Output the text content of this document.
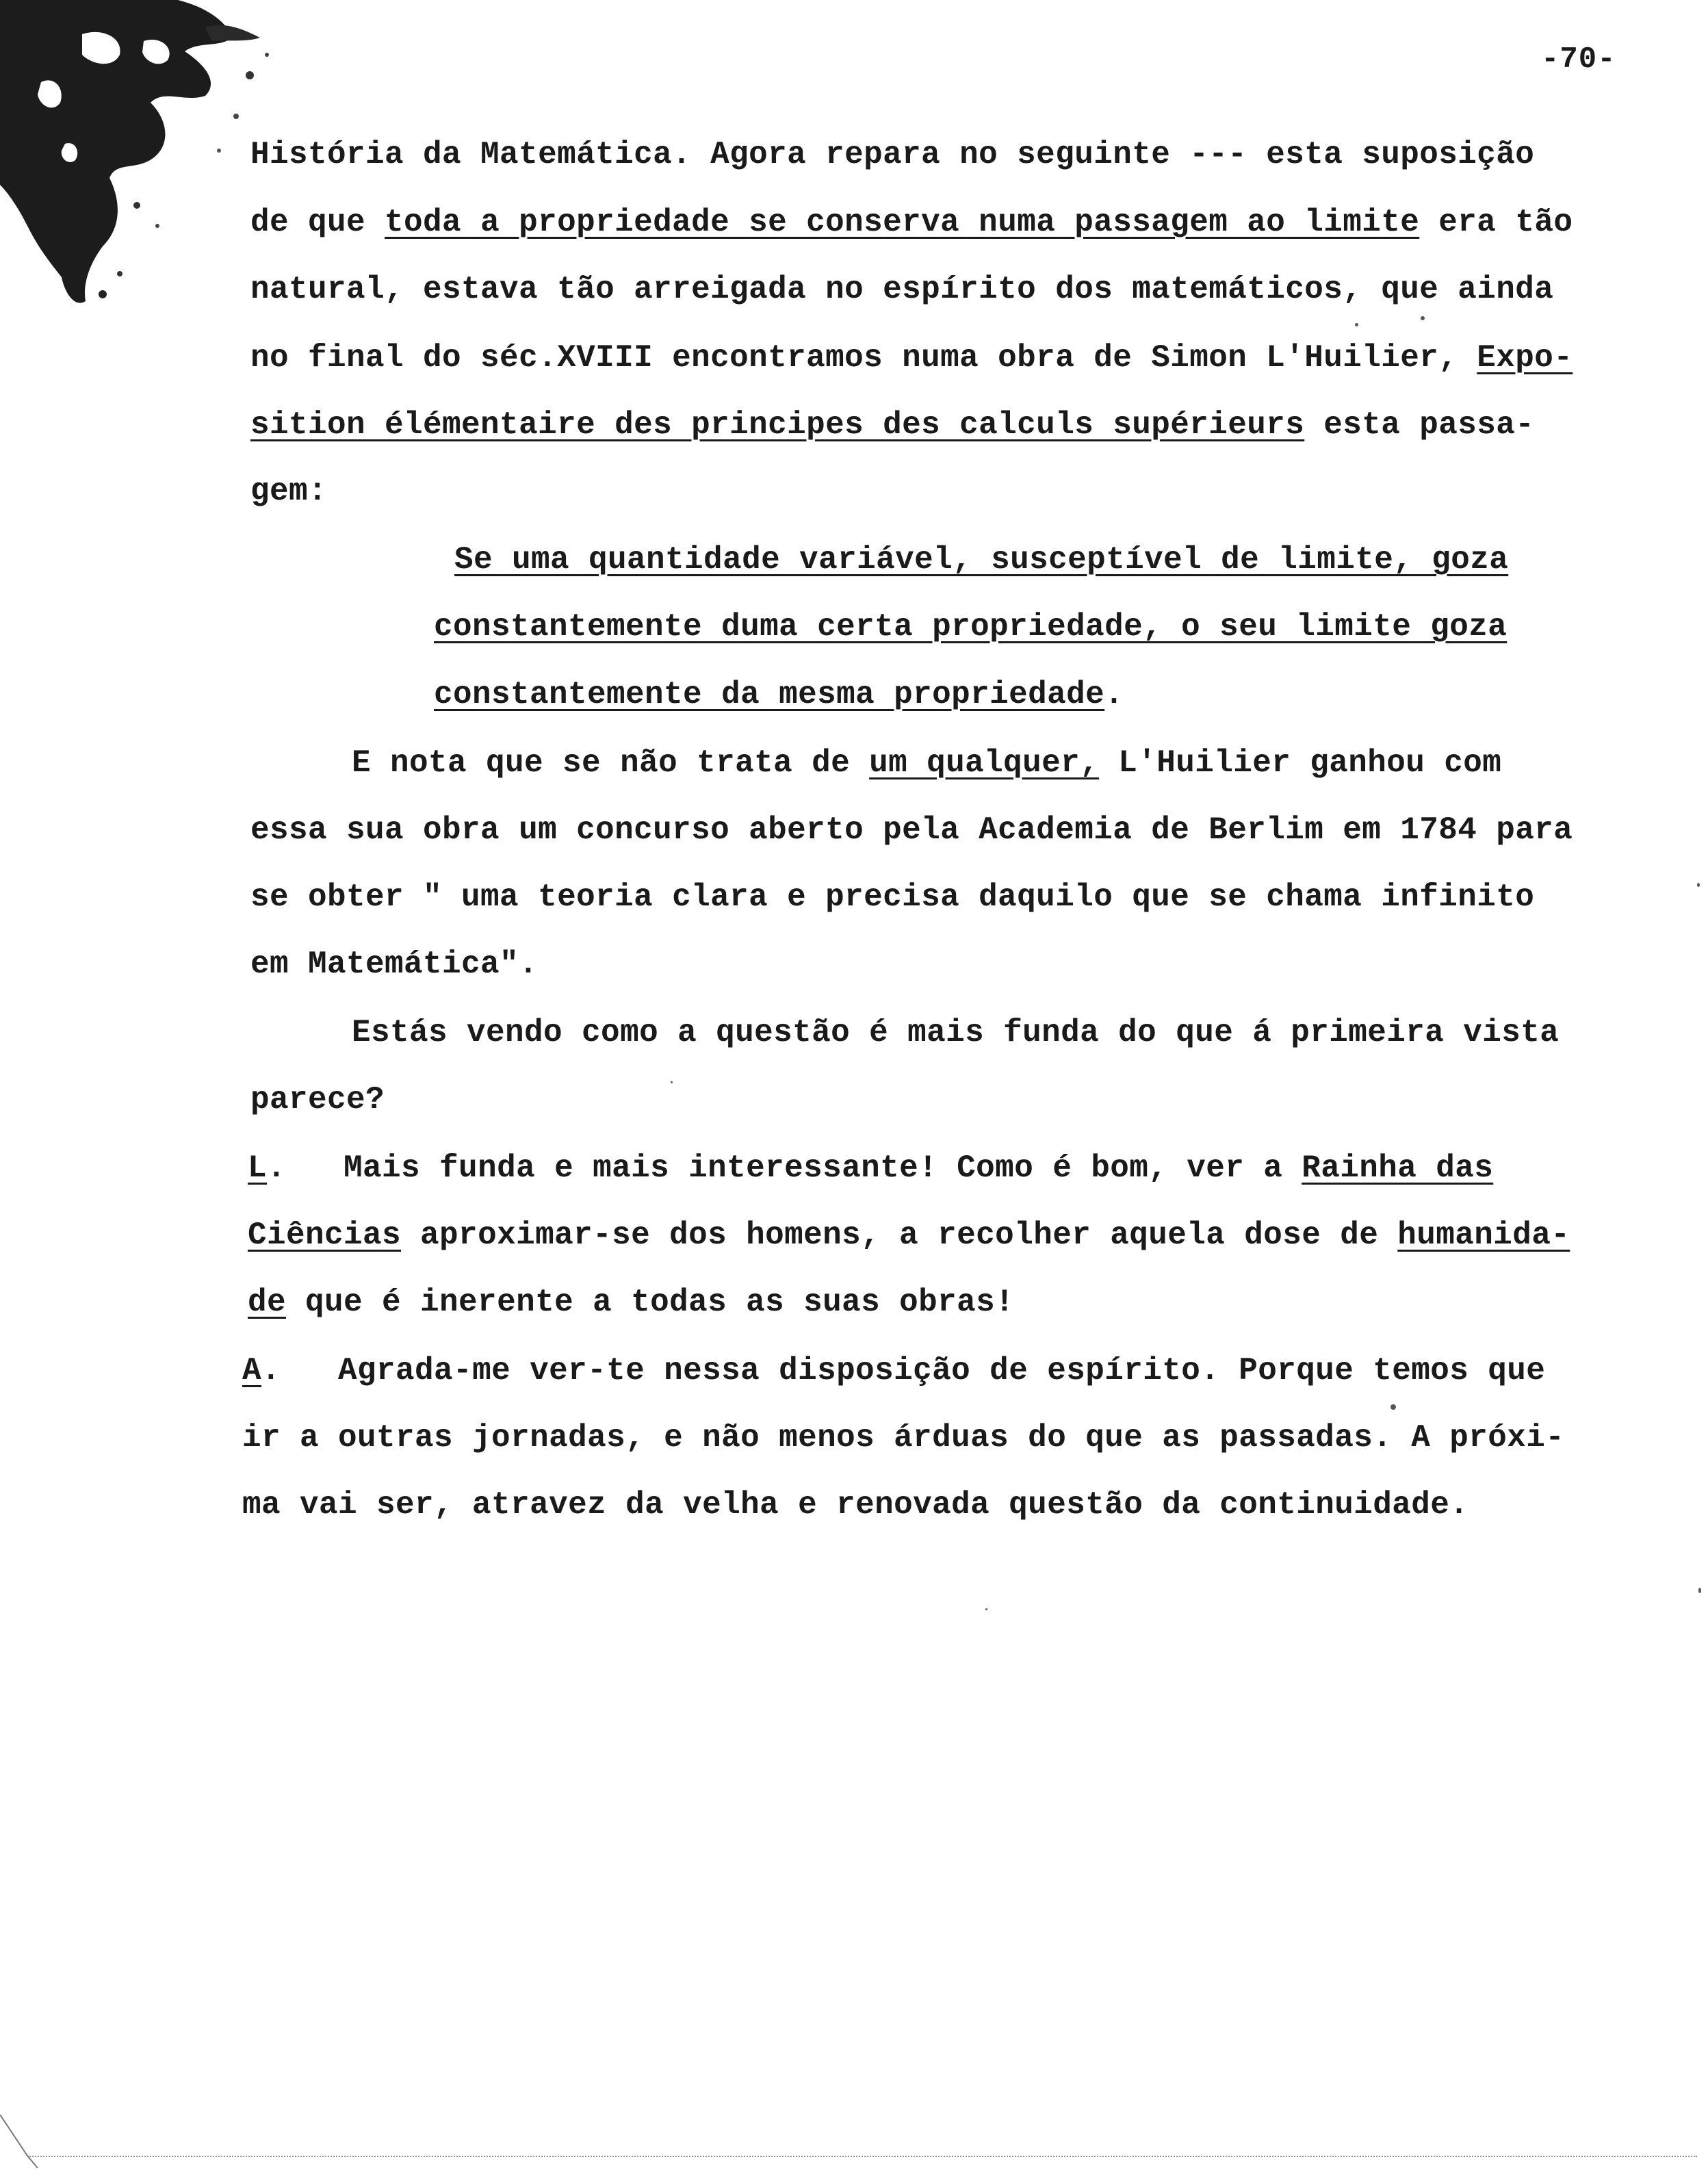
-70-
História da Matemática. Agora repara no seguinte --- esta suposição
de que toda a propriedade se conserva numa passagem ao limite era tão
natural, estava tão arreigada no espírito dos matemáticos, que ainda
no final do séc.XVIII encontramos numa obra de Simon L'Huilier, Expo-
sition élémentaire des principes des calculs supérieurs esta passa-
gem:
Se uma quantidade variável, susceptível de limite, goza
constantemente duma certa propriedade, o seu limite goza
constantemente da mesma propriedade.
E nota que se não trata de um qualquer, L'Huilier ganhou com
essa sua obra um concurso aberto pela Academia de Berlim em 1784 para
se obter " uma teoria clara e precisa daquilo que se chama infinito
em Matemática".
Estás vendo como a questão é mais funda do que á primeira vista
parece?
L.   Mais funda e mais interessante! Como é bom, ver a Rainha das
Ciências aproximar-se dos homens, a recolher aquela dose de humanida-
de que é inerente a todas as suas obras!
A.   Agrada-me ver-te nessa disposição de espírito. Porque temos que
ir a outras jornadas, e não menos árduas do que as passadas. A próxi-
ma vai ser, atravez da velha e renovada questão da continuidade.
